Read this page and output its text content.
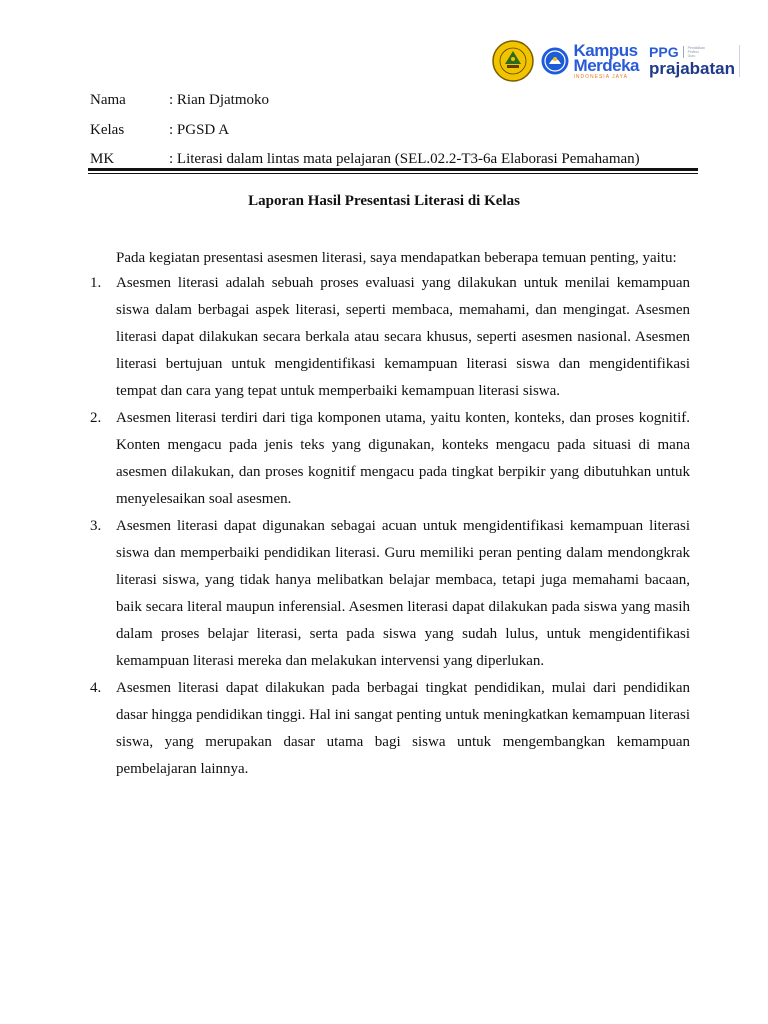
Kampus
Merdeka
INDONESIA JAYA
PPG	Pendidikan
Profesi
Guru
prajabatan
Nama	: Rian Djatmoko
Kelas	: PGSD A
MK	: Literasi dalam lintas mata pelajaran (SEL.02.2-T3-6a Elaborasi Pemahaman)
Laporan Hasil Presentasi Literasi di Kelas
Pada kegiatan presentasi asesmen literasi, saya mendapatkan beberapa temuan penting, yaitu:
1. Asesmen literasi adalah sebuah proses evaluasi yang dilakukan untuk menilai kemampuan siswa dalam berbagai aspek literasi, seperti membaca, memahami, dan mengingat. Asesmen literasi dapat dilakukan secara berkala atau secara khusus, seperti asesmen nasional. Asesmen literasi bertujuan untuk mengidentifikasi kemampuan literasi siswa dan mengidentifikasi tempat dan cara yang tepat untuk memperbaiki kemampuan literasi siswa.
2. Asesmen literasi terdiri dari tiga komponen utama, yaitu konten, konteks, dan proses kognitif. Konten mengacu pada jenis teks yang digunakan, konteks mengacu pada situasi di mana asesmen dilakukan, dan proses kognitif mengacu pada tingkat berpikir yang dibutuhkan untuk menyelesaikan soal asesmen.
3. Asesmen literasi dapat digunakan sebagai acuan untuk mengidentifikasi kemampuan literasi siswa dan memperbaiki pendidikan literasi. Guru memiliki peran penting dalam mendongkrak literasi siswa, yang tidak hanya melibatkan belajar membaca, tetapi juga memahami bacaan, baik secara literal maupun inferensial. Asesmen literasi dapat dilakukan pada siswa yang masih dalam proses belajar literasi, serta pada siswa yang sudah lulus, untuk mengidentifikasi kemampuan literasi mereka dan melakukan intervensi yang diperlukan.
4. Asesmen literasi dapat dilakukan pada berbagai tingkat pendidikan, mulai dari pendidikan dasar hingga pendidikan tinggi. Hal ini sangat penting untuk meningkatkan kemampuan literasi siswa, yang merupakan dasar utama bagi siswa untuk mengembangkan kemampuan pembelajaran lainnya.
